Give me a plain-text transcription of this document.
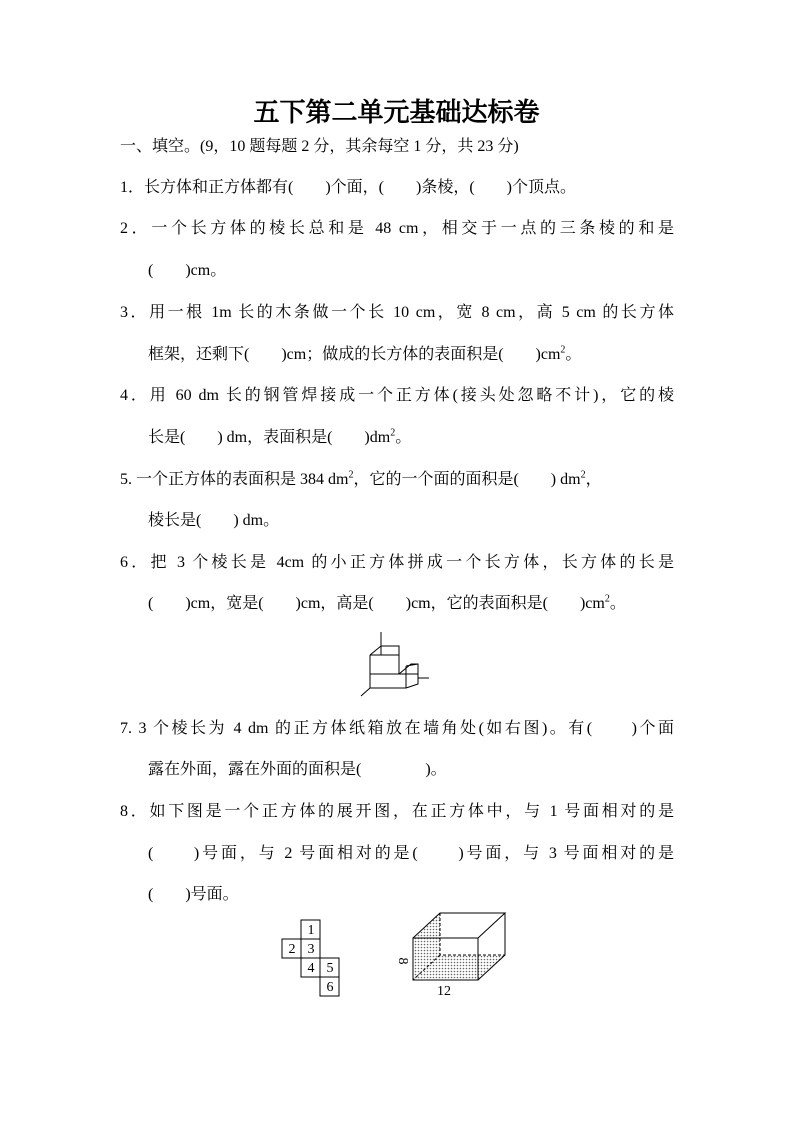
五下第二单元基础达标卷
一、填空。(9，10 题每题 2 分，其余每空 1 分，共 23 分)
1．长方体和正方体都有(　　)个面，(　　)条棱，(　　)个顶点。
2．一个长方体的棱长总和是 48 cm，相交于一点的三条棱的和是
(　　)cm。
3．用一根 1m 长的木条做一个长 10 cm，宽 8 cm，高 5 cm 的长方体
框架，还剩下(　　)cm；做成的长方体的表面积是(　　)$cm^2$。
4．用 60 dm 长的钢管焊接成一个正方体(接头处忽略不计)，它的棱
长是(　　) dm，表面积是(　　)$dm^2$。
5. 一个正方体的表面积是 384 $dm^2$，它的一个面的面积是(　　) $dm^2$，
棱长是(　　) dm。
6．把 3 个棱长是 4cm 的小正方体拼成一个长方体，长方体的长是
(　　)cm，宽是(　　)cm，高是(　　)cm，它的表面积是(　　)$cm^2$。
7. 3 个棱长为 4 dm 的正方体纸箱放在墙角处(如右图)。有(　　)个面
露在外面，露在外面的面积是(　　　　)。
8．如下图是一个正方体的展开图，在正方体中，与 1 号面相对的是
(　　)号面，与 2 号面相对的是(　　)号面，与 3 号面相对的是
(　　)号面。
1
2 3
4 5
6
8
12
